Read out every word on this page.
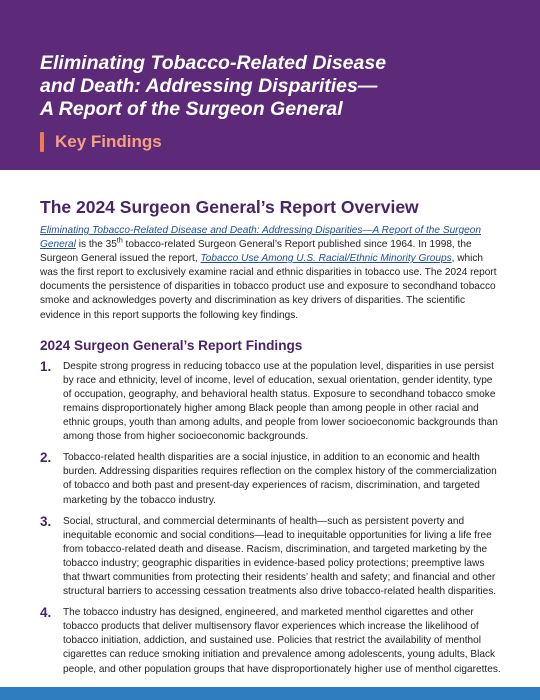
Eliminating Tobacco-Related Disease
and Death: Addressing Disparities—
A Report of the Surgeon General
Key Findings
The 2024 Surgeon General’s Report Overview

Eliminating Tobacco-Related Disease and Death: Addressing Disparities—A Report of the Surgeon
General is the 35th tobacco-related Surgeon General’s Report published since 1964. In 1998, the Surgeon General issued the report, Tobacco Use Among U.S. Racial/Ethnic Minority Groups, which was the first report to exclusively examine racial and ethnic disparities in tobacco use. The 2024 report documents the persistence of disparities in tobacco product use and exposure to secondhand tobacco smoke and acknowledges poverty and discrimination as key drivers of disparities. The scientific evidence in this report supports the following key findings.

2024 Surgeon General’s Report Findings
1. Despite strong progress in reducing tobacco use at the population level, disparities in use persist by race and ethnicity, level of income, level of education, sexual orientation, gender identity, type of occupation, geography, and behavioral health status. Exposure to secondhand tobacco smoke remains disproportionately higher among Black people than among people in other racial and ethnic groups, youth than among adults, and people from lower socioeconomic backgrounds than among those from higher socioeconomic backgrounds.
2. Tobacco-related health disparities are a social injustice, in addition to an economic and health burden. Addressing disparities requires reflection on the complex history of the commercialization of tobacco and both past and present-day experiences of racism, discrimination, and targeted marketing by the tobacco industry.
3. Social, structural, and commercial determinants of health—such as persistent poverty and inequitable economic and social conditions—lead to inequitable opportunities for living a life free from tobacco-related death and disease. Racism, discrimination, and targeted marketing by the tobacco industry; geographic disparities in evidence-based policy protections; preemptive laws that thwart communities from protecting their residents’ health and safety; and financial and other structural barriers to accessing cessation treatments also drive tobacco-related health disparities.
4. The tobacco industry has designed, engineered, and marketed menthol cigarettes and other tobacco products that deliver multisensory flavor experiences which increase the likelihood of tobacco initiation, addiction, and sustained use. Policies that restrict the availability of menthol cigarettes can reduce smoking initiation and prevalence among adolescents, young adults, Black people, and other population groups that have disproportionately higher use of menthol cigarettes.
